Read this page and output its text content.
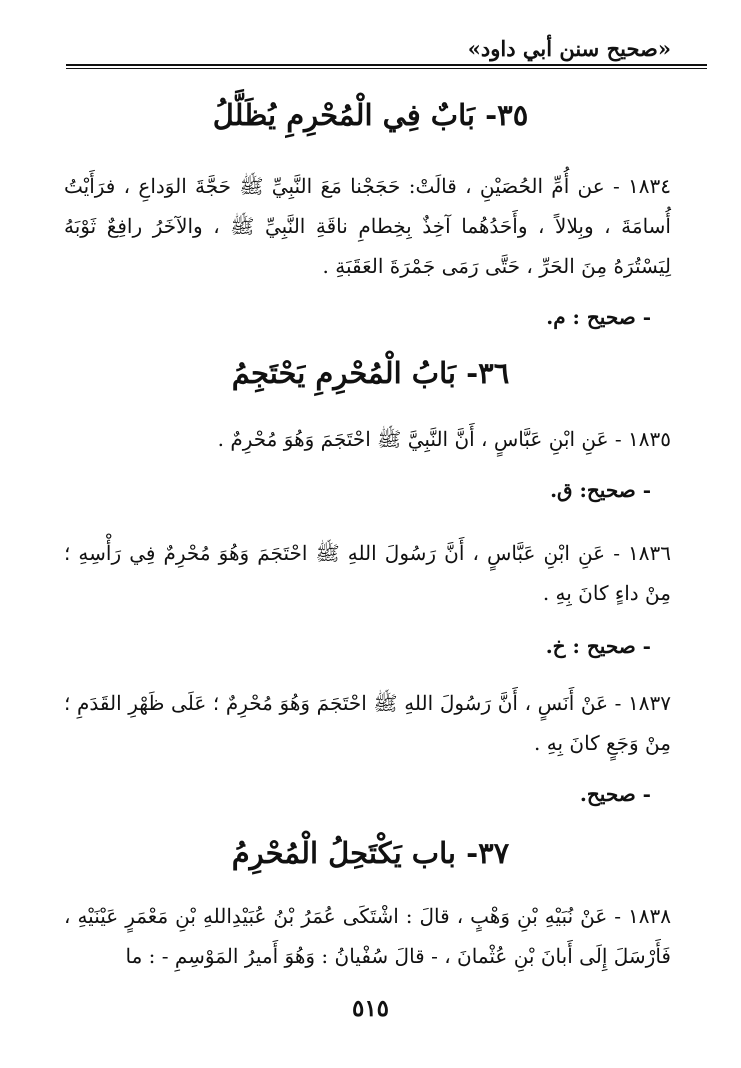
«صحيح سنن أبي داود»
٣٥- بَابٌ فِي الْمُحْرِمِ يُظَلَّلُ
١٨٣٤ - عن أُمِّ الحُصَيْنِ ، قالَتْ: حَجَجْنا مَعَ النَّبِيِّ ﷺ حَجَّةَ الوَداعِ ، فرَأَيْتُ أُسامَةَ ، وبِلالاً ، وأَحَدُهُما آخِذٌ بِخِطامِ ناقَةِ النَّبِيِّ ﷺ ، والآخَرُ رافِعٌ ثَوْبَهُ لِيَسْتُرَهُ مِنَ الحَرِّ ، حَتَّى رَمَى جَمْرَةَ العَقَبَةِ .
- صحيح : م.
٣٦- بَابُ الْمُحْرِمِ يَحْتَجِمُ
١٨٣٥ - عَنِ ابْنِ عَبَّاسٍ ، أَنَّ النَّبِيَّ ﷺ احْتَجَمَ وَهُوَ مُحْرِمٌ .
- صحيح: ق.
١٨٣٦ - عَنِ ابْنِ عَبَّاسٍ ، أَنَّ رَسُولَ اللهِ ﷺ احْتَجَمَ وَهُوَ مُحْرِمٌ فِي رَأْسِهِ ؛ مِنْ داءٍ كانَ بِهِ .
- صحيح : خ.
١٨٣٧ - عَنْ أَنَسٍ ، أَنَّ رَسُولَ اللهِ ﷺ احْتَجَمَ وَهُوَ مُحْرِمٌ ؛ عَلَى ظَهْرِ القَدَمِ ؛ مِنْ وَجَعٍ كانَ بِهِ .
- صحيح.
٣٧- باب يَكْتَحِلُ الْمُحْرِمُ
١٨٣٨ - عَنْ نُبَيْهِ بْنِ وَهْبٍ ، قالَ : اشْتَكَى عُمَرُ بْنُ عُبَيْدِاللهِ بْنِ مَعْمَرٍ عَيْنَيْهِ ، فَأَرْسَلَ إِلَى أَبانَ بْنِ عُثْمانَ ، - قالَ سُفْيانُ : وَهُوَ أَميرُ المَوْسِمِ - : ما
٥١٥
